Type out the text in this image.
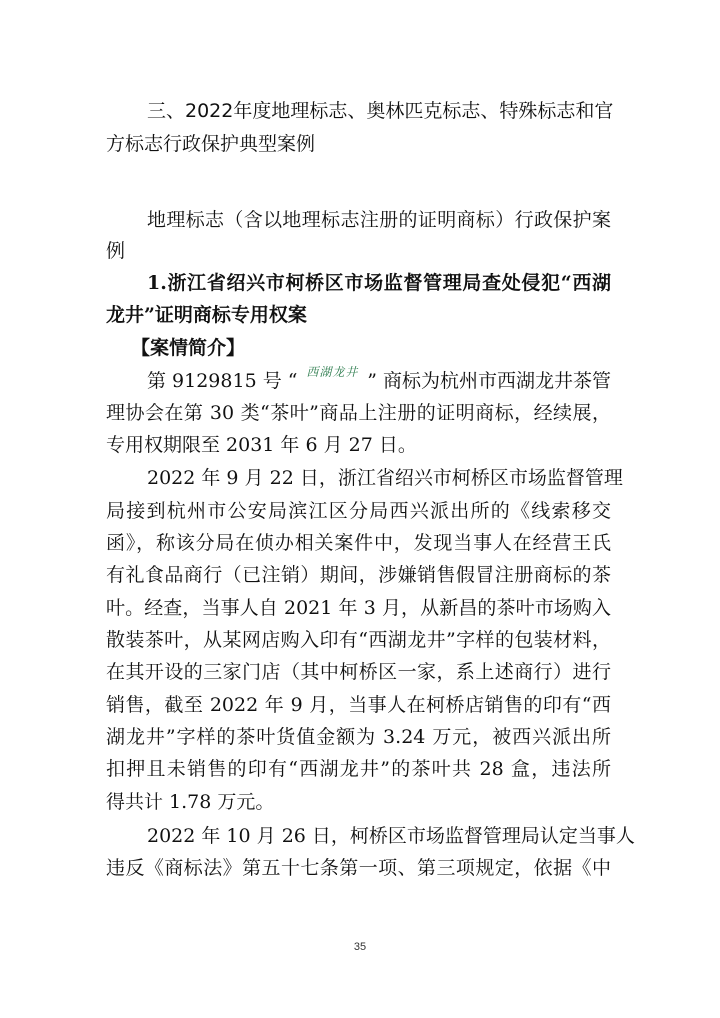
三、2022年度地理标志、奥林匹克标志、特殊标志和官
方标志行政保护典型案例
地理标志（含以地理标志注册的证明商标）行政保护案
例
1.浙江省绍兴市柯桥区市场监督管理局查处侵犯“西湖
龙井”证明商标专用权案
【案情简介】
第 9129815 号 “ 西湖龙井 ” 商标为杭州市西湖龙井茶管
理协会在第 30 类“茶叶”商品上注册的证明商标，经续展，
专用权期限至 2031 年 6 月 27 日。
2022 年 9 月 22 日，浙江省绍兴市柯桥区市场监督管理
局接到杭州市公安局滨江区分局西兴派出所的《线索移交
函》，称该分局在侦办相关案件中，发现当事人在经营王氏
有礼食品商行（已注销）期间，涉嫌销售假冒注册商标的茶
叶。经查，当事人自 2021 年 3 月，从新昌的茶叶市场购入
散装茶叶，从某网店购入印有“西湖龙井”字样的包装材料，
在其开设的三家门店（其中柯桥区一家，系上述商行）进行
销售，截至 2022 年 9 月，当事人在柯桥店销售的印有“西
湖龙井”字样的茶叶货值金额为 3.24 万元，被西兴派出所
扣押且未销售的印有“西湖龙井”的茶叶共 28 盒，违法所
得共计 1.78 万元。
2022 年 10 月 26 日，柯桥区市场监督管理局认定当事人
违反《商标法》第五十七条第一项、第三项规定，依据《中
35
